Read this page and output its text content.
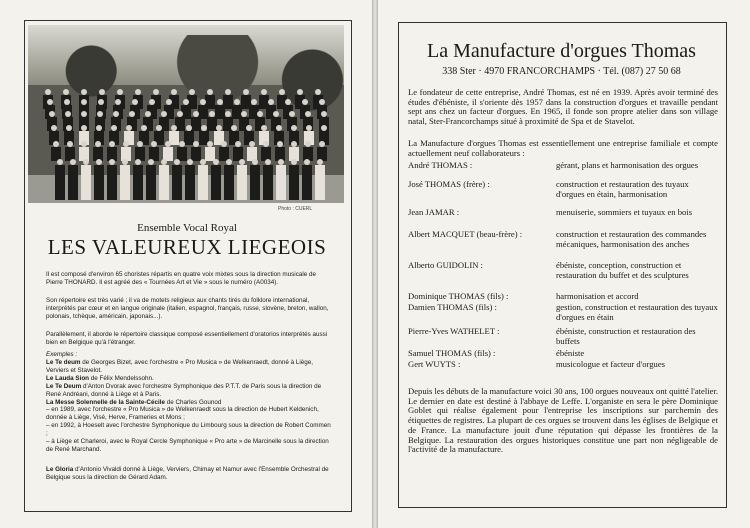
Photo : CUERL
Ensemble Vocal Royal
LES VALEUREUX LIEGEOIS
Il est composé d'environ 65 choristes répartis en quatre voix mixtes sous la direction musicale de Pierre THONARD. Il est agréé des « Tournées Art et Vie » sous le numéro (A0034).
Son répertoire est très varié ; il va de motets religieux aux chants tirés du folklore international, interprétés par cœur et en langue originale (italien, espagnol, français, russe, slovène, breton, wallon, polonais, tchèque, américain, japonais...).
Parallèlement, il aborde le répertoire classique composé essentiellement d'oratorios interprétés aussi bien en Belgique qu'à l'étranger.
Exemples :

Le Te deum de Georges Bizet, avec l'orchestre « Pro Musica » de Welkenraedt, donné à Liège, Verviers et Stavelot.

Le Lauda Sion de Félix Mendelssohn.

Le Te Deum d'Anton Dvorak avec l'orchestre Symphonique des P.T.T. de Paris sous la direction de René Andréani, donné à Liège et à Paris.

La Messe Solennelle de la Sainte-Cécile de Charles Gounod

– en 1989, avec l'orchestre « Pro Musica » de Welkenraedt sous la direction de Hubert Keldenich, donnée à Liège, Visé, Herve, Frameries et Mons ;

– en 1992, à Hoeselt avec l'orchestre Symphonique du Limbourg sous la direction de Robert Commen ;

– à Liège et Charleroi, avec le Royal Cercle Symphonique « Pro arte » de Marcinelle sous la direction de René Marchand.

Le Gloria d'Antonio Vivaldi donné à Liège, Verviers, Chimay et Namur avec l'Ensemble Orchestral de Belgique sous la direction de Gérard Adam.
La Manufacture d'orgues Thomas
338 Ster · 4970 FRANCORCHAMPS · Tél. (087) 27 50 68
Le fondateur de cette entreprise, André Thomas, est né en 1939. Après avoir terminé des études d'ébéniste, il s'oriente dès 1957 dans la construction d'orgues et travaille pendant sept ans chez un facteur d'orgues. En 1965, il fonde son propre atelier dans son village natal, Ster-Francorchamps situé à proximité de Spa et de Stavelot.
La Manufacture d'orgues Thomas est essentiellement une entreprise familiale et compte actuellement neuf collaborateurs :
André THOMAS :	gérant, plans et harmonisation des orgues
José THOMAS (frère) :	construction et restauration des tuyaux d'orgues en étain, harmonisation
Jean JAMAR :	menuiserie, sommiers et tuyaux en bois
Albert MACQUET (beau-frère) :	construction et restauration des commandes mécaniques, harmonisation des anches
Alberto GUIDOLIN :	ébéniste, conception, construction et restauration du buffet et des sculptures
Dominique THOMAS (fils) :	harmonisation et accord
Damien THOMAS (fils) :	gestion, construction et restauration des tuyaux d'orgues en étain
Pierre-Yves WATHELET :	ébéniste, construction et restauration des buffets
Samuel THOMAS (fils) :	ébéniste
Gert WUYTS :	musicologue et facteur d'orgues
Depuis les débuts de la manufacture voici 30 ans, 100 orgues nouveaux ont quitté l'atelier. Le dernier en date est destiné à l'abbaye de Leffe. L'organiste en sera le père Dominique Goblet qui réalise également pour l'entreprise les inscriptions sur parchemin des étiquettes de registres. La plupart de ces orgues se trouvent dans les églises de Belgique et de France. La manufacture jouit d'une réputation qui dépasse les frontières de la Belgique. La restauration des orgues historiques constitue une part non négligeable de l'activité de la manufacture.
